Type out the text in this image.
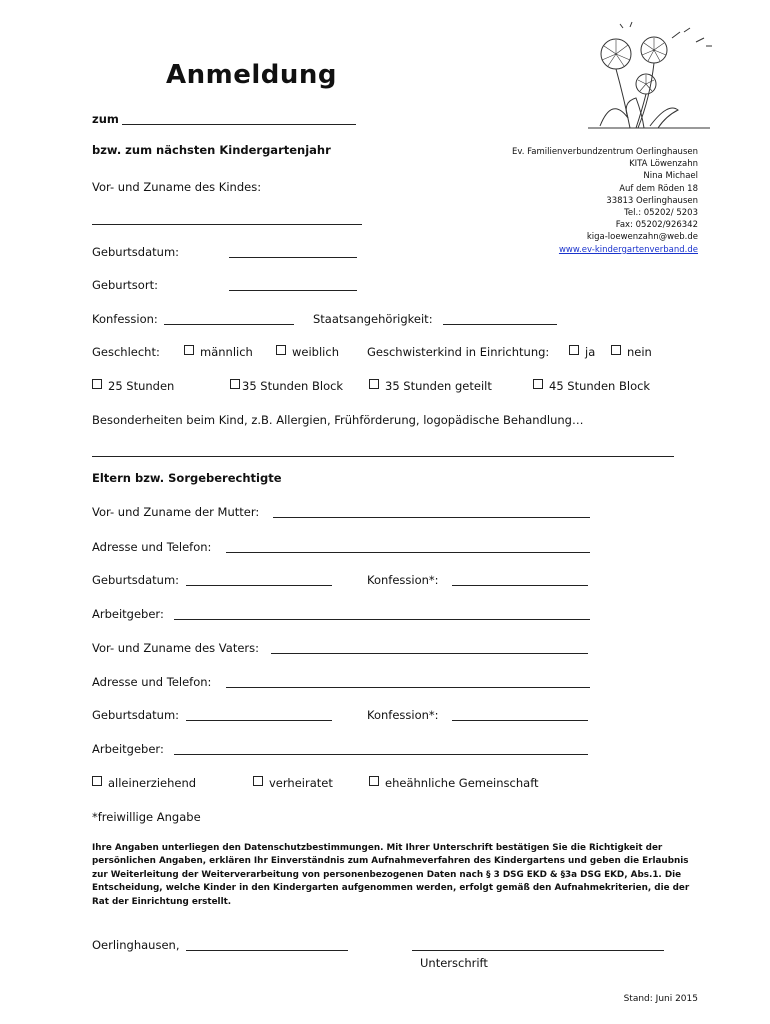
Anmeldung
Ev. Familienverbundzentrum Oerlinghausen
KITA Löwenzahn
Nina Michael
Auf dem Röden 18
33813 Oerlinghausen
Tel.: 05202/ 5203
Fax: 05202/926342
kiga-loewenzahn@web.de
www.ev-kindergartenverband.de
zum
bzw. zum nächsten Kindergartenjahr
Vor- und Zuname des Kindes:
Geburtsdatum:
Geburtsort:
Konfession:	Staatsangehörigkeit:
Geschlecht:	männlich	weiblich Geschwisterkind in Einrichtung:	ja	nein
25 Stunden	35 Stunden Block	35 Stunden geteilt	45 Stunden Block
Besonderheiten beim Kind, z.B. Allergien, Frühförderung, logopädische Behandlung…
Eltern bzw. Sorgeberechtigte
Vor- und Zuname der Mutter:
Adresse und Telefon:
Geburtsdatum:	Konfession*:
Arbeitgeber:
Vor- und Zuname des Vaters:
Adresse und Telefon:
Geburtsdatum:	Konfession*:
Arbeitgeber:
alleinerziehend	verheiratet	eheähnliche Gemeinschaft
*freiwillige Angabe
Ihre Angaben unterliegen den Datenschutzbestimmungen. Mit Ihrer Unterschrift bestätigen Sie die Richtigkeit der persönlichen Angaben, erklären Ihr Einverständnis zum Aufnahmeverfahren des Kindergartens und geben die Erlaubnis zur Weiterleitung der Weiterverarbeitung von personenbezogenen Daten nach § 3 DSG EKD & §3a DSG EKD, Abs.1. Die Entscheidung, welche Kinder in den Kindergarten aufgenommen werden, erfolgt gemäß den Aufnahmekriterien, die der Rat der Einrichtung erstellt.
Oerlinghausen,
Unterschrift
Stand: Juni 2015
